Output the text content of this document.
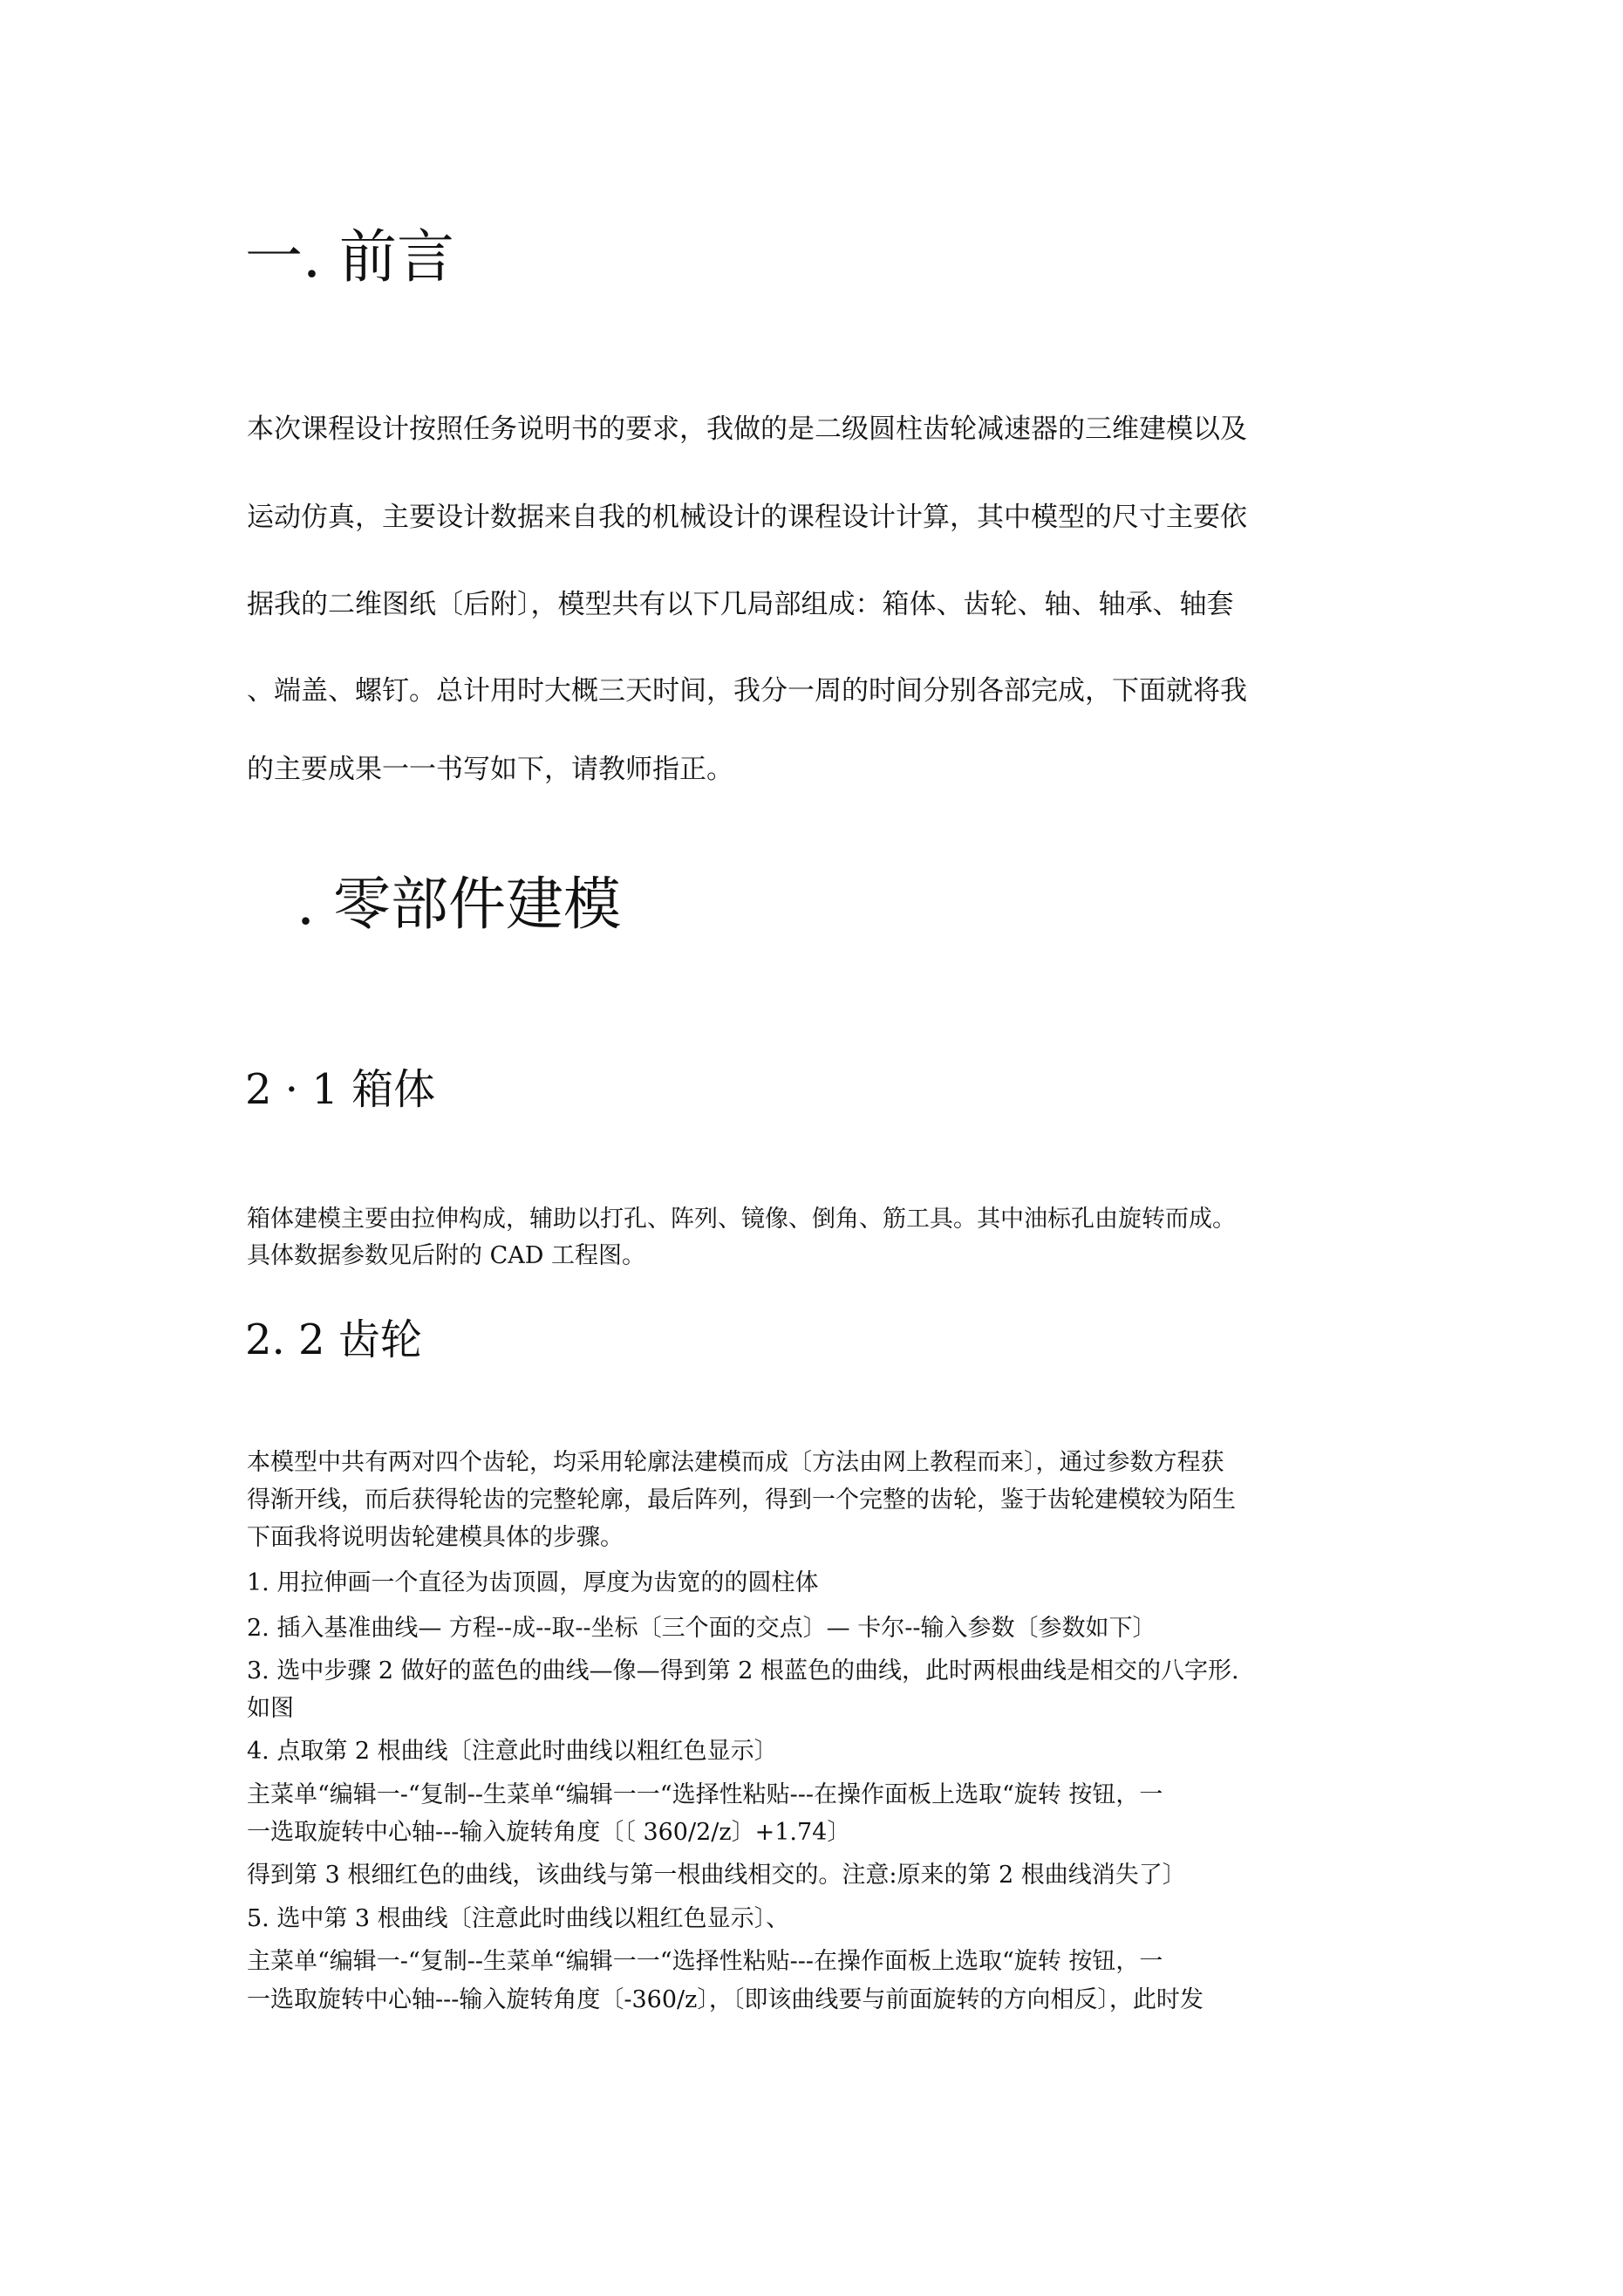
一. 前言
本次课程设计按照任务说明书的要求，我做的是二级圆柱齿轮减速器的三维建模以及
运动仿真，主要设计数据来自我的机械设计的课程设计计算，其中模型的尺寸主要依
据我的二维图纸〔后附〕，模型共有以下几局部组成：箱体、齿轮、轴、轴承、轴套
、端盖、螺钉。总计用时大概三天时间，我分一周的时间分别各部完成，下面就将我
的主要成果一一书写如下，请教师指正。
. 零部件建模
2 · 1 箱体
箱体建模主要由拉伸构成，辅助以打孔、阵列、镜像、倒角、筋工具。其中油标孔由旋转而成。
具体数据参数见后附的 CAD 工程图。
2. 2 齿轮
本模型中共有两对四个齿轮，均采用轮廓法建模而成〔方法由网上教程而来〕，通过参数方程获
得渐开线，而后获得轮齿的完整轮廓，最后阵列，得到一个完整的齿轮，鉴于齿轮建模较为陌生
下面我将说明齿轮建模具体的步骤。
1. 用拉伸画一个直径为齿顶圆，厚度为齿宽的的圆柱体
2. 插入基准曲线— 方程--成--取--坐标〔三个面的交点〕— 卡尔--输入参数〔参数如下〕
3. 选中步骤 2 做好的蓝色的曲线—像—得到第 2 根蓝色的曲线，此时两根曲线是相交的八字形.
如图
4. 点取第 2 根曲线〔注意此时曲线以粗红色显示〕
主菜单“编辑一-“复制--生菜单“编辑一一“选择性粘贴---在操作面板上选取“旋转 按钮，一
一选取旋转中心轴---输入旋转角度〔〔 360/2/z〕+1.74〕
得到第 3 根细红色的曲线，该曲线与第一根曲线相交的。注意:原来的第 2 根曲线消失了〕
5. 选中第 3 根曲线〔注意此时曲线以粗红色显示〕、
主菜单“编辑一-“复制--生菜单“编辑一一“选择性粘贴---在操作面板上选取“旋转 按钮，一
一选取旋转中心轴---输入旋转角度〔-360/z〕，〔即该曲线要与前面旋转的方向相反〕，此时发
